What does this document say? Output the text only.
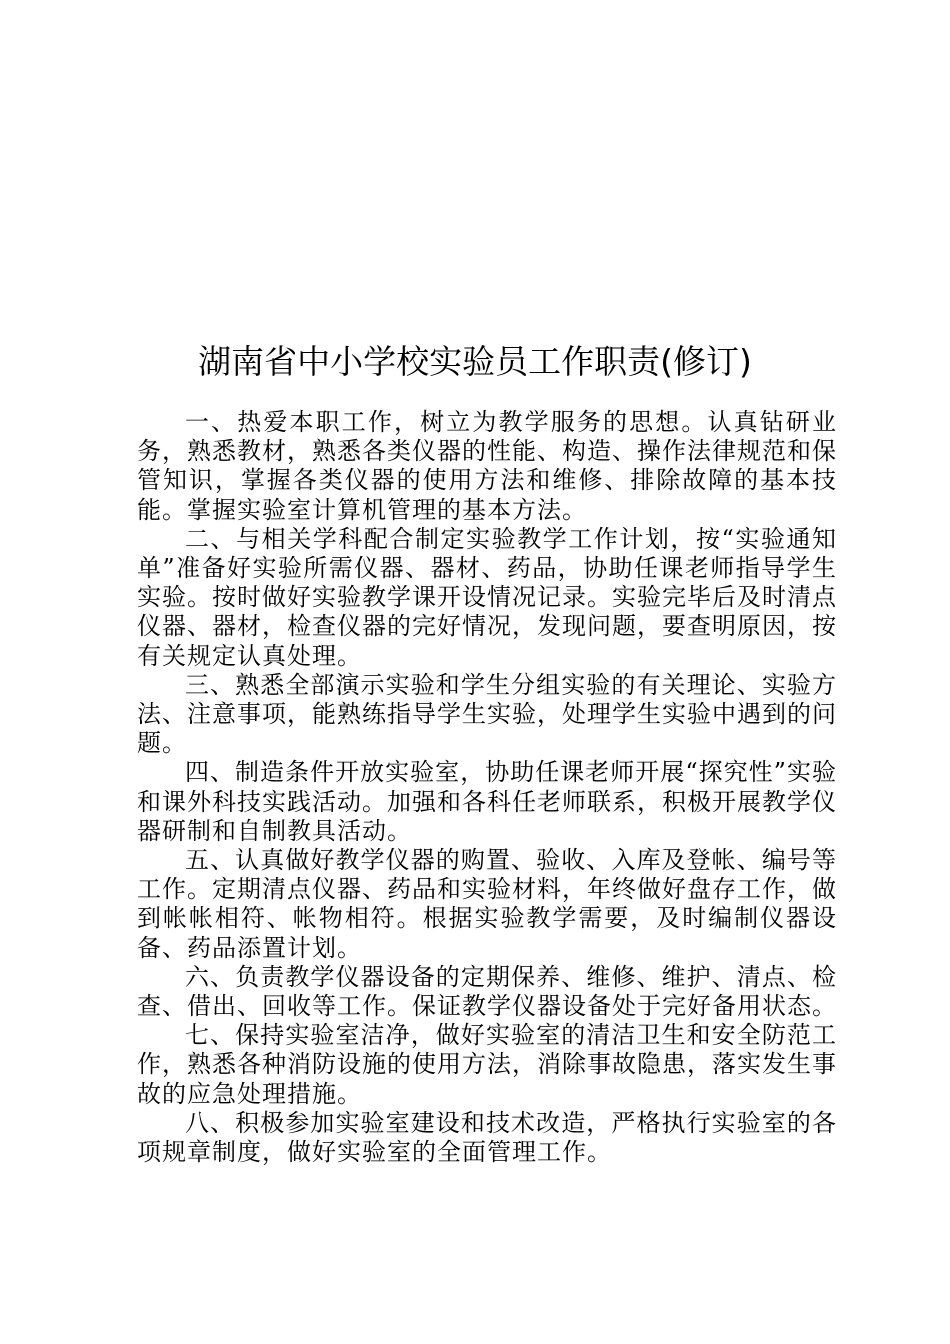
湖南省中小学校实验员工作职责(修订)

一、热爱本职工作，树立为教学服务的思想。认真钻研业务，熟悉教材，熟悉各类仪器的性能、构造、操作法律规范和保管知识，掌握各类仪器的使用方法和维修、排除故障的基本技能。掌握实验室计算机管理的基本方法。

二、与相关学科配合制定实验教学工作计划，按“实验通知单”准备好实验所需仪器、器材、药品，协助任课老师指导学生实验。按时做好实验教学课开设情况记录。实验完毕后及时清点仪器、器材，检查仪器的完好情况，发现问题，要查明原因，按有关规定认真处理。

三、熟悉全部演示实验和学生分组实验的有关理论、实验方法、注意事项，能熟练指导学生实验，处理学生实验中遇到的问题。

四、制造条件开放实验室，协助任课老师开展“探究性”实验和课外科技实践活动。加强和各科任老师联系，积极开展教学仪器研制和自制教具活动。

五、认真做好教学仪器的购置、验收、入库及登帐、编号等工作。定期清点仪器、药品和实验材料，年终做好盘存工作，做到帐帐相符、帐物相符。根据实验教学需要，及时编制仪器设备、药品添置计划。

六、负责教学仪器设备的定期保养、维修、维护、清点、检查、借出、回收等工作。保证教学仪器设备处于完好备用状态。

七、保持实验室洁净，做好实验室的清洁卫生和安全防范工作，熟悉各种消防设施的使用方法，消除事故隐患，落实发生事故的应急处理措施。

八、积极参加实验室建设和技术改造，严格执行实验室的各项规章制度，做好实验室的全面管理工作。
